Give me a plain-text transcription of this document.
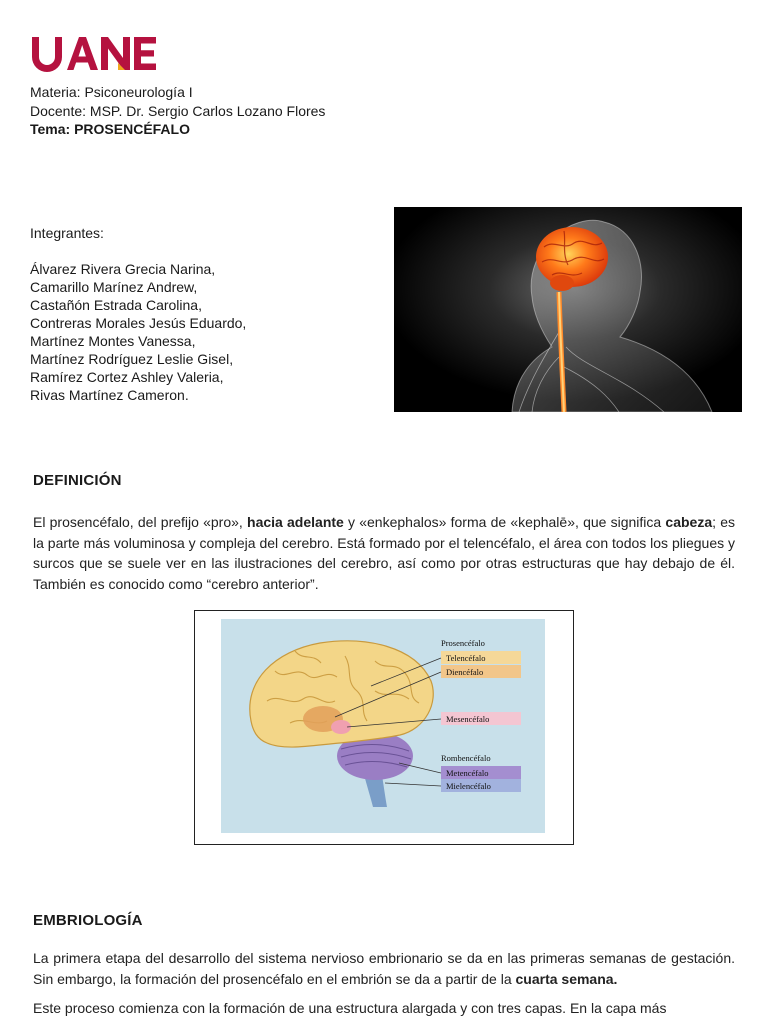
Materia: Psiconeurología I
Docente: MSP. Dr. Sergio Carlos Lozano Flores
Tema: PROSENCÉFALO
Integrantes:
Álvarez Rivera Grecia Narina,
Camarillo Marínez Andrew,
Castañón Estrada Carolina,
Contreras Morales Jesús Eduardo,
Martínez Montes Vanessa,
Martínez Rodríguez Leslie Gisel,
Ramírez Cortez Ashley Valeria,
Rivas Martínez Cameron.
DEFINICIÓN
El prosencéfalo, del prefijo «pro», hacia adelante y «enkephalos» forma de «kephalē», que significa cabeza; es la parte más voluminosa y compleja del cerebro. Está formado por el telencéfalo, el área con todos los pliegues y surcos que se suele ver en las ilustraciones del cerebro, así como por otras estructuras que hay debajo de él. También es conocido como “cerebro anterior”.
Prosencéfalo
Telencéfalo
Diencéfalo
Mesencéfalo
Rombencéfalo
Metencéfalo
Mielencéfalo
EMBRIOLOGÍA
La primera etapa del desarrollo del sistema nervioso embrionario se da en las primeras semanas de gestación. Sin embargo, la formación del prosencéfalo en el embrión se da a partir de la cuarta semana.
Este proceso comienza con la formación de una estructura alargada y con tres capas. En la capa más
